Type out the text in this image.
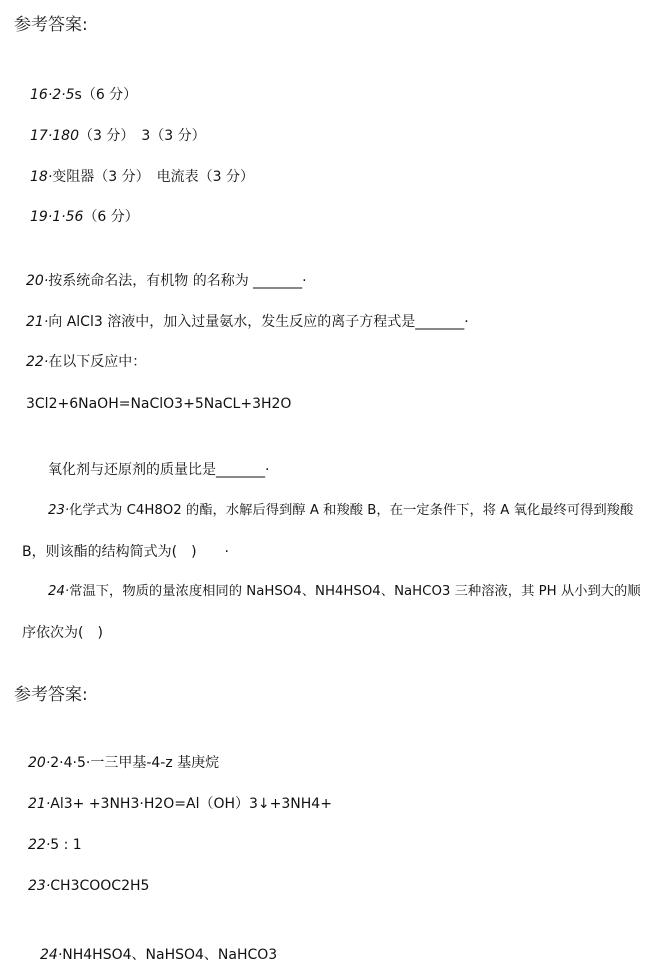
参考答案:
16·2·5s（6 分）
17·180（3 分）　3（3 分）
18·变阻器（3 分）　电流表（3 分）
19·1·56（6 分）
20·按系统命名法，有机物 的名称为 _______·
21·向 AlCl3 溶液中，加入过量氨水，发生反应的离子方程式是_______·
22·在以下反应中：
3Cl2+6NaOH=NaClO3+5NaCL+3H2O
氧化剂与还原剂的质量比是_______·
23·化学式为 C4H8O2 的酯，水解后得到醇 A 和羧酸 B，在一定条件下，将 A 氧化最终可得到羧酸
B，则该酯的结构简式为(　)　　·
24·常温下，物质的量浓度相同的 NaHSO4、NH4HSO4、NaHCO3 三种溶液，其 PH 从小到大的顺
序依次为(　)
参考答案:
20·2·4·5·一三甲基-4-z 基庚烷
21·Al3+ +3NH3·H2O=Al（OH）3↓+3NH4+
22·5 : 1
23·CH3COOC2H5
24·NH4HSO4、NaHSO4、NaHCO3
